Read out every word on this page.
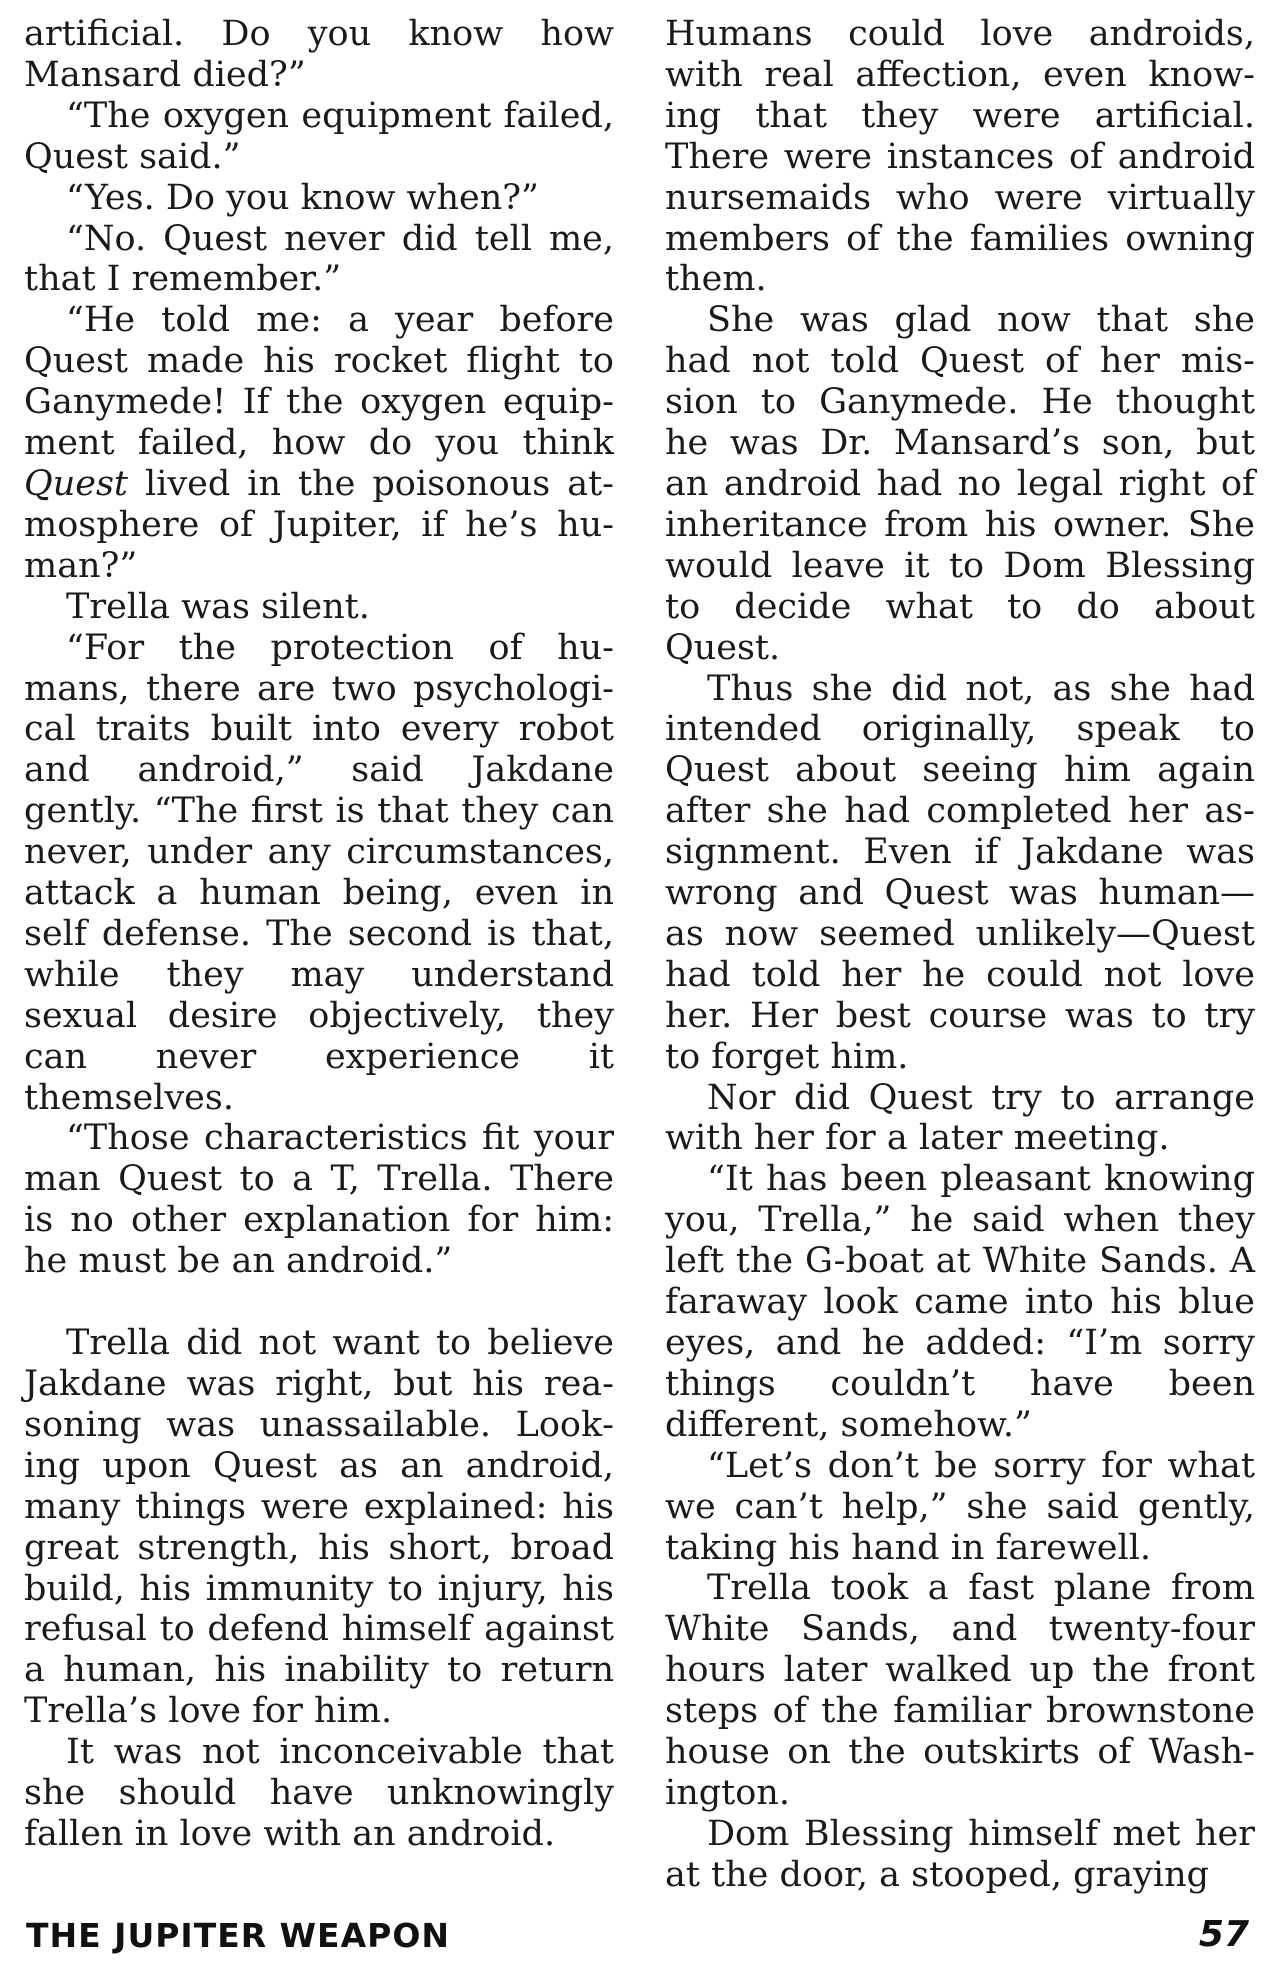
artificial. Do you know how Mansard died?”

“The oxygen equipment failed, Quest said.”

“Yes. Do you know when?”

“No. Quest never did tell me, that I remember.”

“He told me: a year before Quest made his rocket flight to Ganymede! If the oxygen equipment failed, how do you think Quest lived in the poisonous atmosphere of Jupiter, if he’s human?”

Trella was silent.

“For the protection of humans, there are two psychological traits built into every robot and android,” said Jakdane gently. “The first is that they can never, under any circumstances, attack a human being, even in self defense. The second is that, while they may understand sexual desire objectively, they can never experience it themselves.

“Those characteristics fit your man Quest to a T, Trella. There is no other explanation for him: he must be an android.”

Trella did not want to believe Jakdane was right, but his reasoning was unassailable. Looking upon Quest as an android, many things were explained: his great strength, his short, broad build, his immunity to injury, his refusal to defend himself against a human, his inability to return Trella’s love for him.

It was not inconceivable that she should have unknowingly fallen in love with an android.

Humans could love androids, with real affection, even knowing that they were artificial. There were instances of android nursemaids who were virtually members of the families owning them.

She was glad now that she had not told Quest of her mission to Ganymede. He thought he was Dr. Mansard’s son, but an android had no legal right of inheritance from his owner. She would leave it to Dom Blessing to decide what to do about Quest.

Thus she did not, as she had intended originally, speak to Quest about seeing him again after she had completed her assignment. Even if Jakdane was wrong and Quest was human—as now seemed unlikely—Quest had told her he could not love her. Her best course was to try to forget him.

Nor did Quest try to arrange with her for a later meeting.

“It has been pleasant knowing you, Trella,” he said when they left the G-boat at White Sands. A faraway look came into his blue eyes, and he added: “I’m sorry things couldn’t have been different, somehow.”

“Let’s don’t be sorry for what we can’t help,” she said gently, taking his hand in farewell.

Trella took a fast plane from White Sands, and twenty-four hours later walked up the front steps of the familiar brownstone house on the outskirts of Washington.

Dom Blessing himself met her at the door, a stooped, graying

THE JUPITER WEAPON	57
